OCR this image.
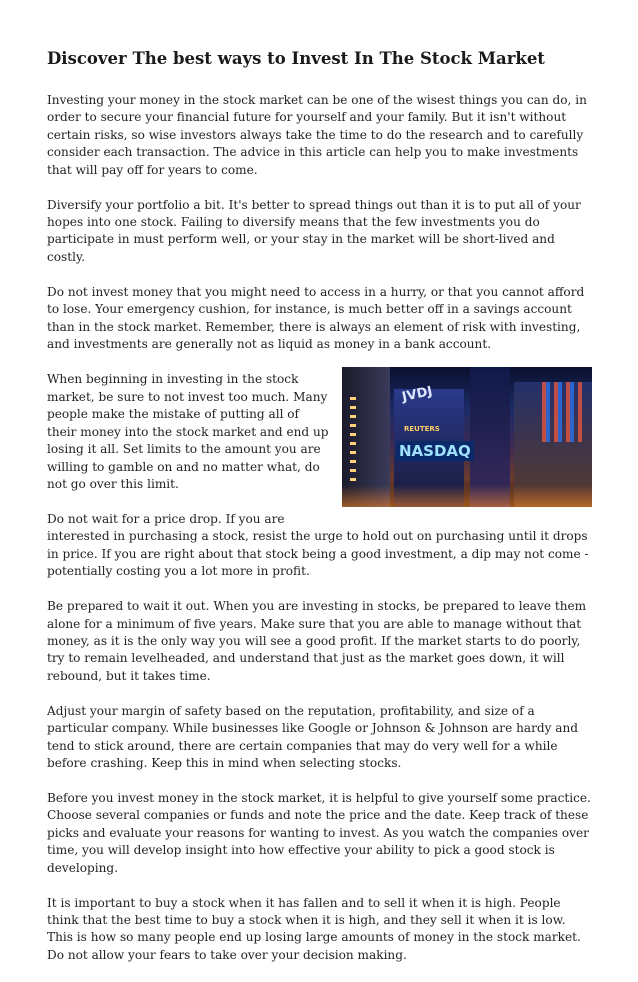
Discover The best ways to Invest In The Stock Market

Investing your money in the stock market can be one of the wisest things you can do, in order to secure your financial future for yourself and your family. But it isn't without certain risks, so wise investors always take the time to do the research and to carefully consider each transaction. The advice in this article can help you to make investments that will pay off for years to come.

Diversify your portfolio a bit. It's better to spread things out than it is to put all of your hopes into one stock. Failing to diversify means that the few investments you do participate in must perform well, or your stay in the market will be short-lived and costly.

Do not invest money that you might need to access in a hurry, or that you cannot afford to lose. Your emergency cushion, for instance, is much better off in a savings account than in the stock market. Remember, there is always an element of risk with investing, and investments are generally not as liquid as money in a bank account.

JVDJ
REUTERS
NASDAQ

When beginning in investing in the stock market, be sure to not invest too much. Many people make the mistake of putting all of their money into the stock market and end up losing it all. Set limits to the amount you are willing to gamble on and no matter what, do not go over this limit.

Do not wait for a price drop. If you are interested in purchasing a stock, resist the urge to hold out on purchasing until it drops in price. If you are right about that stock being a good investment, a dip may not come - potentially costing you a lot more in profit.

Be prepared to wait it out. When you are investing in stocks, be prepared to leave them alone for a minimum of five years. Make sure that you are able to manage without that money, as it is the only way you will see a good profit. If the market starts to do poorly, try to remain levelheaded, and understand that just as the market goes down, it will rebound, but it takes time.

Adjust your margin of safety based on the reputation, profitability, and size of a particular company. While businesses like Google or Johnson & Johnson are hardy and tend to stick around, there are certain companies that may do very well for a while before crashing. Keep this in mind when selecting stocks.

Before you invest money in the stock market, it is helpful to give yourself some practice. Choose several companies or funds and note the price and the date. Keep track of these picks and evaluate your reasons for wanting to invest. As you watch the companies over time, you will develop insight into how effective your ability to pick a good stock is developing.

It is important to buy a stock when it has fallen and to sell it when it is high. People think that the best time to buy a stock when it is high, and they sell it when it is low. This is how so many people end up losing large amounts of money in the stock market. Do not allow your fears to take over your decision making.
